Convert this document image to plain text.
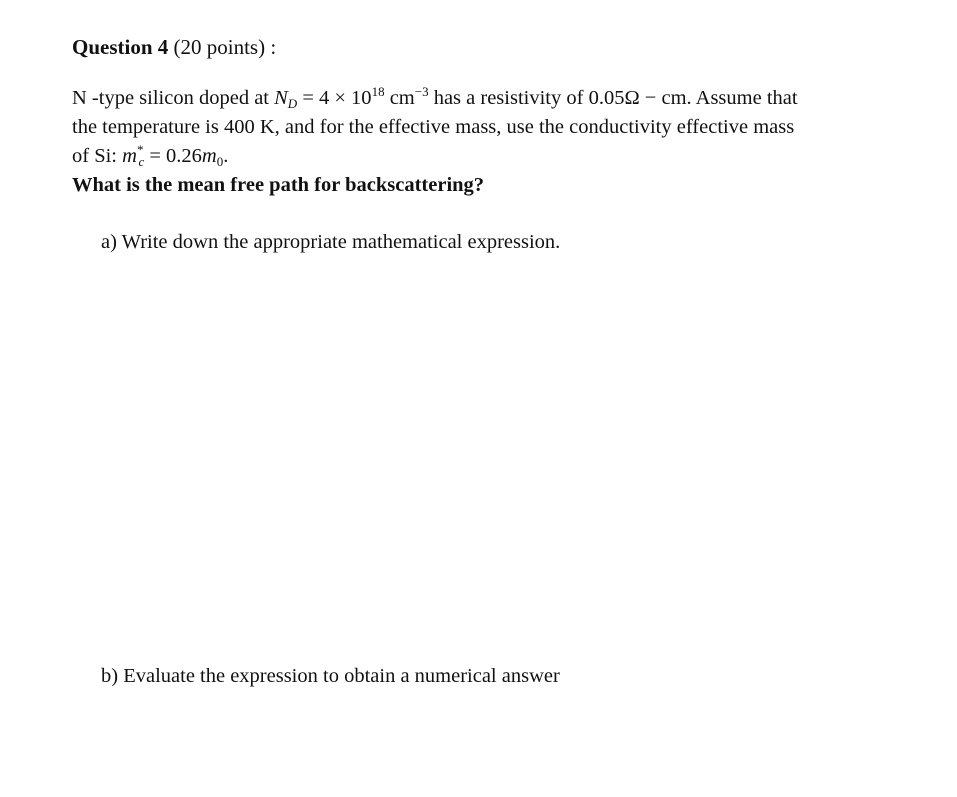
Question 4 (20 points) :
N -type silicon doped at $N_D = 4 \times 10^{18}$ $cm^{-3}$ has a resistivity of 0.05Ω − cm. Assume that
the temperature is 400 K, and for the effective mass, use the conductivity effective mass
of Si: $m^*_c = 0.26m_0$.
What is the mean free path for backscattering?
a) Write down the appropriate mathematical expression.
b) Evaluate the expression to obtain a numerical answer
